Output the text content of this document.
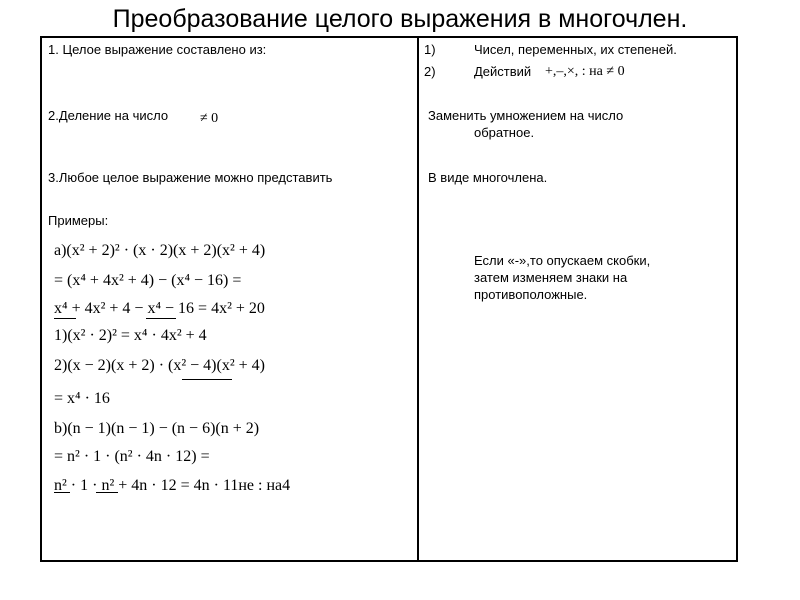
Преобразование целого выражения в многочлен.
1. Целое выражение составлено из:
2.Деление на число ≠ 0
3.Любое целое выражение можно представить
Примеры:
a)(x² + 2)² · (x · 2)(x + 2)(x² + 4)
= (x⁴ + 4x² + 4) − (x⁴ − 16) =
x⁴ + 4x² + 4 − x⁴ − 16 = 4x² + 20
1)(x² · 2)² = x⁴ · 4x² + 4
2)(x − 2)(x + 2) · (x² − 4)(x² + 4)
= x⁴ · 16
b)(n − 1)(n − 1) − (n − 6)(n + 2)
= n² · 1 · (n² · 4n · 12) =
n² · 1 · n² + 4n · 12 = 4n · 11нe : нa4
1)	Чисел, переменных, их степеней.
2)	Действий +,–,×, : нa ≠ 0
Заменить умножением на число
обратное.
В виде многочлена.
Если «-»,то опускаем скобки,
затем изменяем знаки на
противоположные.
